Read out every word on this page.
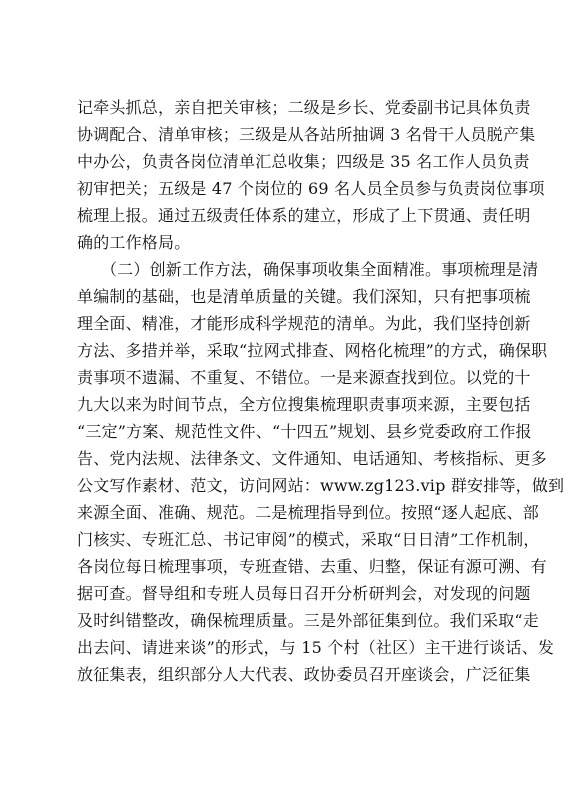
记牵头抓总，亲自把关审核；二级是乡长、党委副书记具体负责
协调配合、清单审核；三级是从各站所抽调 3 名骨干人员脱产集
中办公，负责各岗位清单汇总收集；四级是 35 名工作人员负责
初审把关；五级是 47 个岗位的 69 名人员全员参与负责岗位事项
梳理上报。通过五级责任体系的建立，形成了上下贯通、责任明
确的工作格局。
（二）创新工作方法，确保事项收集全面精准。事项梳理是清
单编制的基础，也是清单质量的关键。我们深知，只有把事项梳
理全面、精准，才能形成科学规范的清单。为此，我们坚持创新
方法、多措并举，采取“拉网式排查、网格化梳理”的方式，确保职
责事项不遗漏、不重复、不错位。一是来源查找到位。以党的十
九大以来为时间节点，全方位搜集梳理职责事项来源，主要包括
“三定”方案、规范性文件、“十四五”规划、县乡党委政府工作报
告、党内法规、法律条文、文件通知、电话通知、考核指标、更多
公文写作素材、范文，访问网站：www.zg123.vip 群安排等，做到
来源全面、准确、规范。二是梳理指导到位。按照“逐人起底、部
门核实、专班汇总、书记审阅”的模式，采取“日日清”工作机制，
各岗位每日梳理事项，专班查错、去重、归整，保证有源可溯、有
据可查。督导组和专班人员每日召开分析研判会，对发现的问题
及时纠错整改，确保梳理质量。三是外部征集到位。我们采取“走
出去问、请进来谈”的形式，与 15 个村（社区）主干进行谈话、发
放征集表，组织部分人大代表、政协委员召开座谈会，广泛征集
